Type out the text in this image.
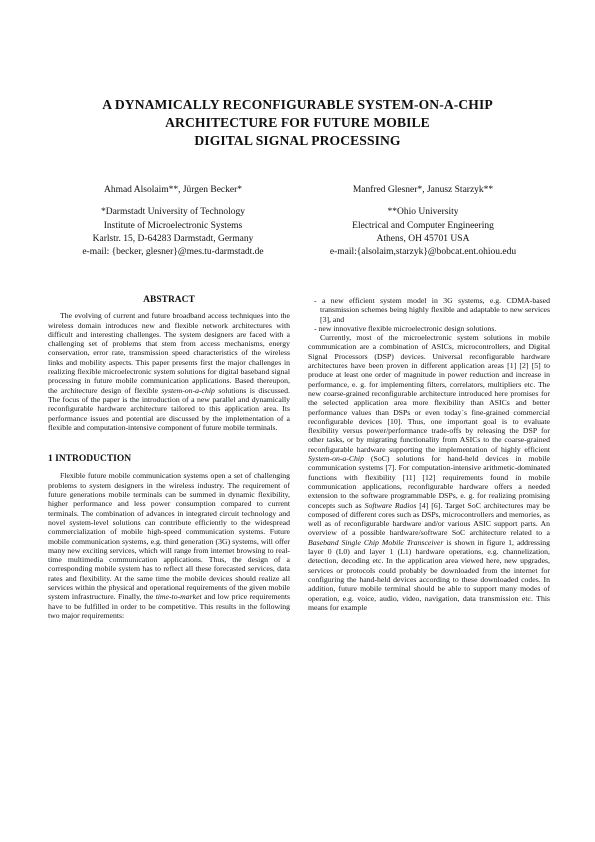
A DYNAMICALLY RECONFIGURABLE SYSTEM-ON-A-CHIP
ARCHITECTURE FOR FUTURE MOBILE
DIGITAL SIGNAL PROCESSING
Ahmad Alsolaim**, Jürgen Becker*
*Darmstadt University of Technology
Institute of Microelectronic Systems
Karlstr. 15, D-64283 Darmstadt, Germany
e-mail: {becker, glesner}@mes.tu-darmstadt.de
Manfred Glesner*, Janusz Starzyk**
**Ohio University
Electrical and Computer Engineering
Athens, OH 45701 USA
e-mail:{alsolaim,starzyk}@bobcat.ent.ohiou.edu
ABSTRACT

The evolving of current and future broadband access techniques into the wireless domain introduces new and flexible network architectures with difficult and interesting challenges. The system designers are faced with a challenging set of problems that stem from access mechanisms, energy conservation, error rate, transmission speed characteristics of the wireless links and mobility aspects. This paper presents first the major challenges in realizing flexible microelectronic system solutions for digital baseband signal processing in future mobile communication applications. Based thereupon, the architecture design of flexible system-on-a-chip solutions is discussed. The focus of the paper is the introduction of a new parallel and dynamically reconfigurable hardware architecture tailored to this application area. Its performance issues and potential are discussed by the implementation of a flexible and computation-intensive component of future mobile terminals.

1 INTRODUCTION

Flexible future mobile communication systems open a set of challenging problems to system designers in the wireless industry. The requirement of future generations mobile terminals can be summed in dynamic flexibility, higher performance and less power consumption compared to current terminals. The combination of advances in integrated circuit technology and novel system-level solutions can contribute efficiently to the widespread commercialization of mobile high-speed communication systems. Future mobile communication systems, e.g. third generation (3G) systems, will offer many new exciting services, which will range from internet browsing to real-time multimedia communication applications. Thus, the design of a corresponding mobile system has to reflect all these forecasted services, data rates and flexibility. At the same time the mobile devices should realize all services within the physical and operational requirements of the given mobile system infrastructure. Finally, the time-to-market and low price requirements have to be fulfilled in order to be competitive. This results in the following two major requirements:

- a new efficient system model in 3G systems, e.g. CDMA-based transmission schemes being highly flexible and adaptable to new services [3], and

- new innovative flexible microelectronic design solutions.

Currently, most of the microelectronic system solutions in mobile communication are a combination of ASICs, microcontrollers, and Digital Signal Processors (DSP) devices. Universal reconfigurable hardware architectures have been proven in different application areas [1] [2] [5] to produce at least one order of magnitude in power reduction and increase in performance, e. g. for implementing filters, correlators, multipliers etc. The new coarse-grained reconfigurable architecture introduced here promises for the selected application area more flexibility than ASICs and better performance values than DSPs or even today´s fine-grained commercial reconfigurable devices [10]. Thus, one important goal is to evaluate flexibility versus power/performance trade-offs by releasing the DSP for other tasks, or by migrating functionality from ASICs to the coarse-grained reconfigurable hardware supporting the implementation of highly efficient System-on-a-Chip (SoC) solutions for hand-held devices in mobile communication systems [7]. For computation-intensive arithmetic-dominated functions with flexibility [11] [12] requirements found in mobile communication applications, reconfigurable hardware offers a needed extension to the software programmable DSPs, e. g. for realizing promising concepts such as Software Radios [4] [6]. Target SoC architectures may be composed of different cores such as DSPs, microcontrollers and memories, as well as of reconfigurable hardware and/or various ASIC support parts. An overview of a possible hardware/software SoC architecture related to a Baseband Single Chip Mobile Transceiver is shown in figure 1, addressing layer 0 (L0) and layer 1 (L1) hardware operations, e.g. channelization, detection, decoding etc. In the application area viewed here, new upgrades, services or protocols could probably be downloaded from the internet for configuring the hand-held devices according to these downloaded codes. In addition, future mobile terminal should be able to support many modes of operation, e.g. voice, audio, video, navigation, data transmission etc. This means for example
